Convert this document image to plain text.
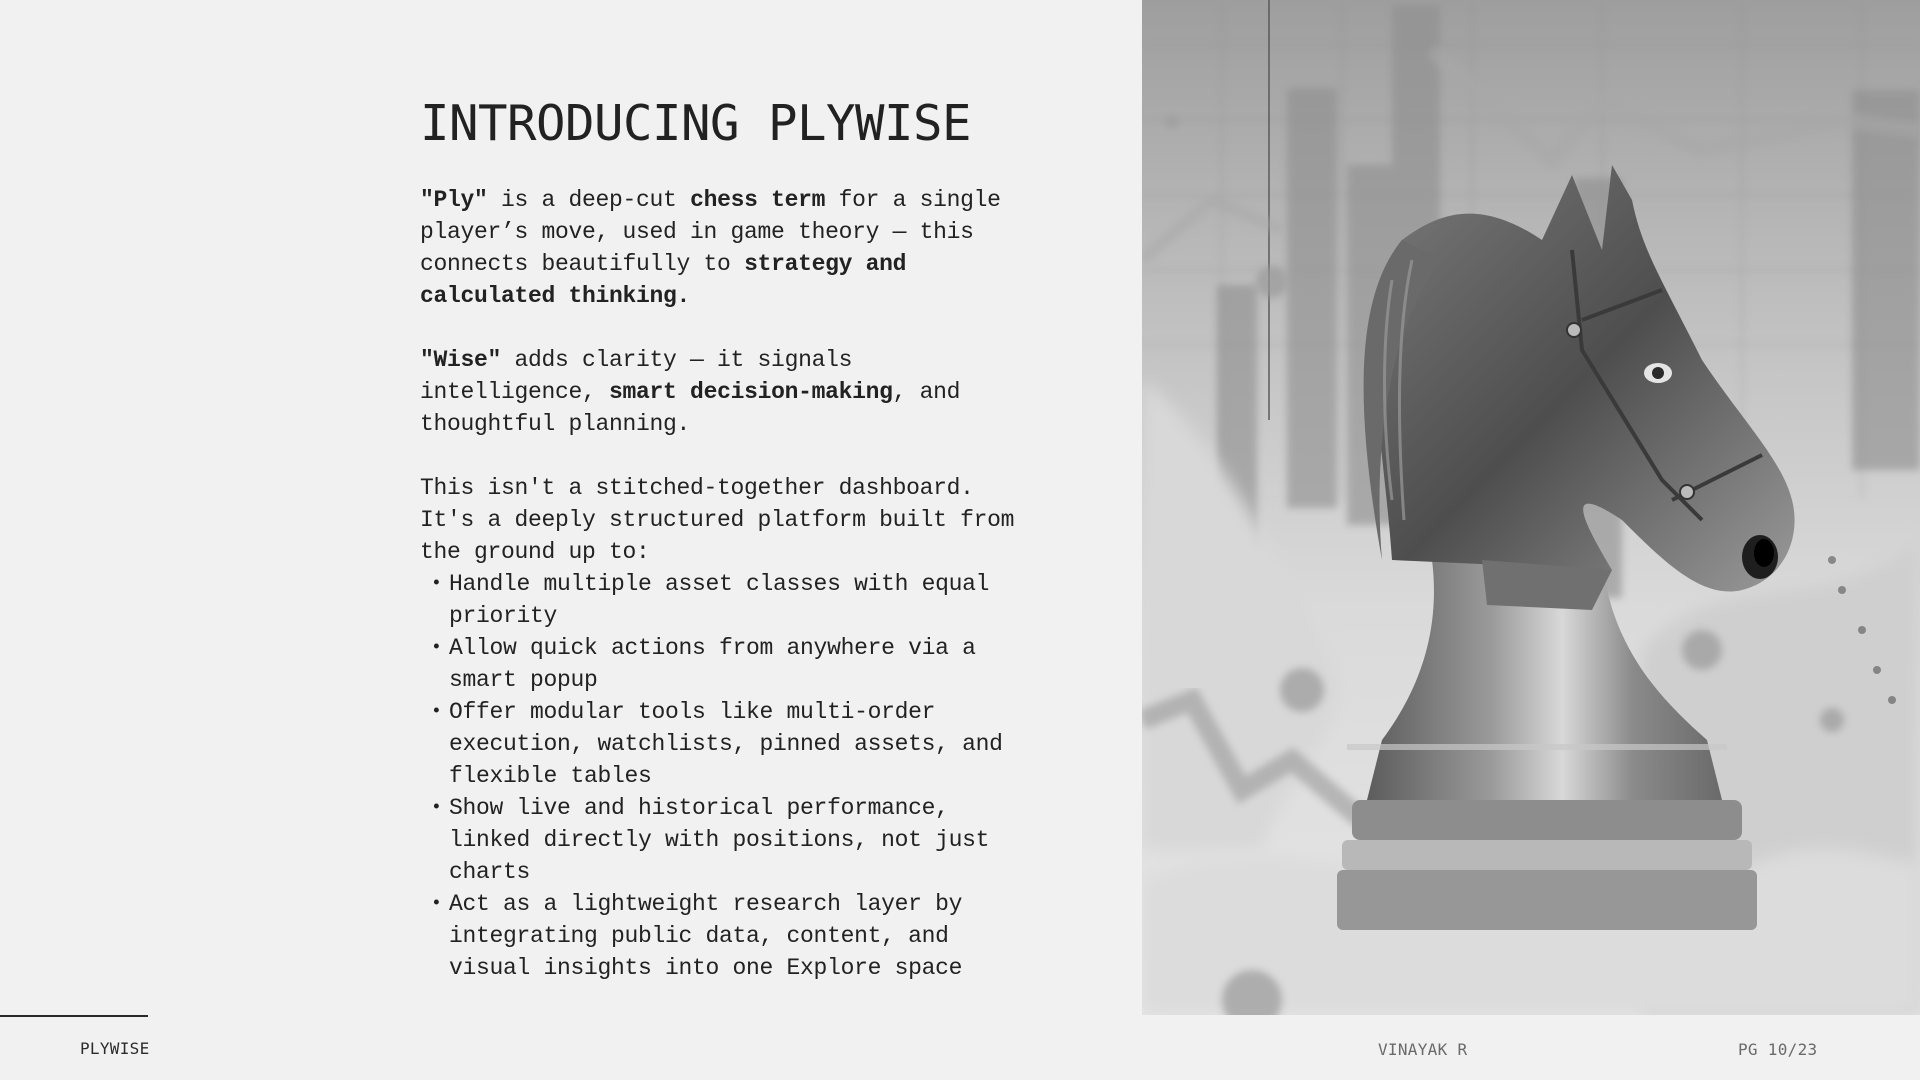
INTRODUCING PLYWISE

"Ply" is a deep-cut chess term for a single player’s move, used in game theory — this connects beautifully to strategy and calculated thinking.

"Wise" adds clarity — it signals intelligence, smart decision-making, and thoughtful planning.

This isn't a stitched-together dashboard. It's a deeply structured platform built from the ground up to:

• Handle multiple asset classes with equal priority
• Allow quick actions from anywhere via a smart popup
• Offer modular tools like multi-order execution, watchlists, pinned assets, and flexible tables
• Show live and historical performance, linked directly with positions, not just charts
• Act as a lightweight research layer by integrating public data, content, and visual insights into one Explore space
PLYWISE	VINAYAK R	PG 10/23
